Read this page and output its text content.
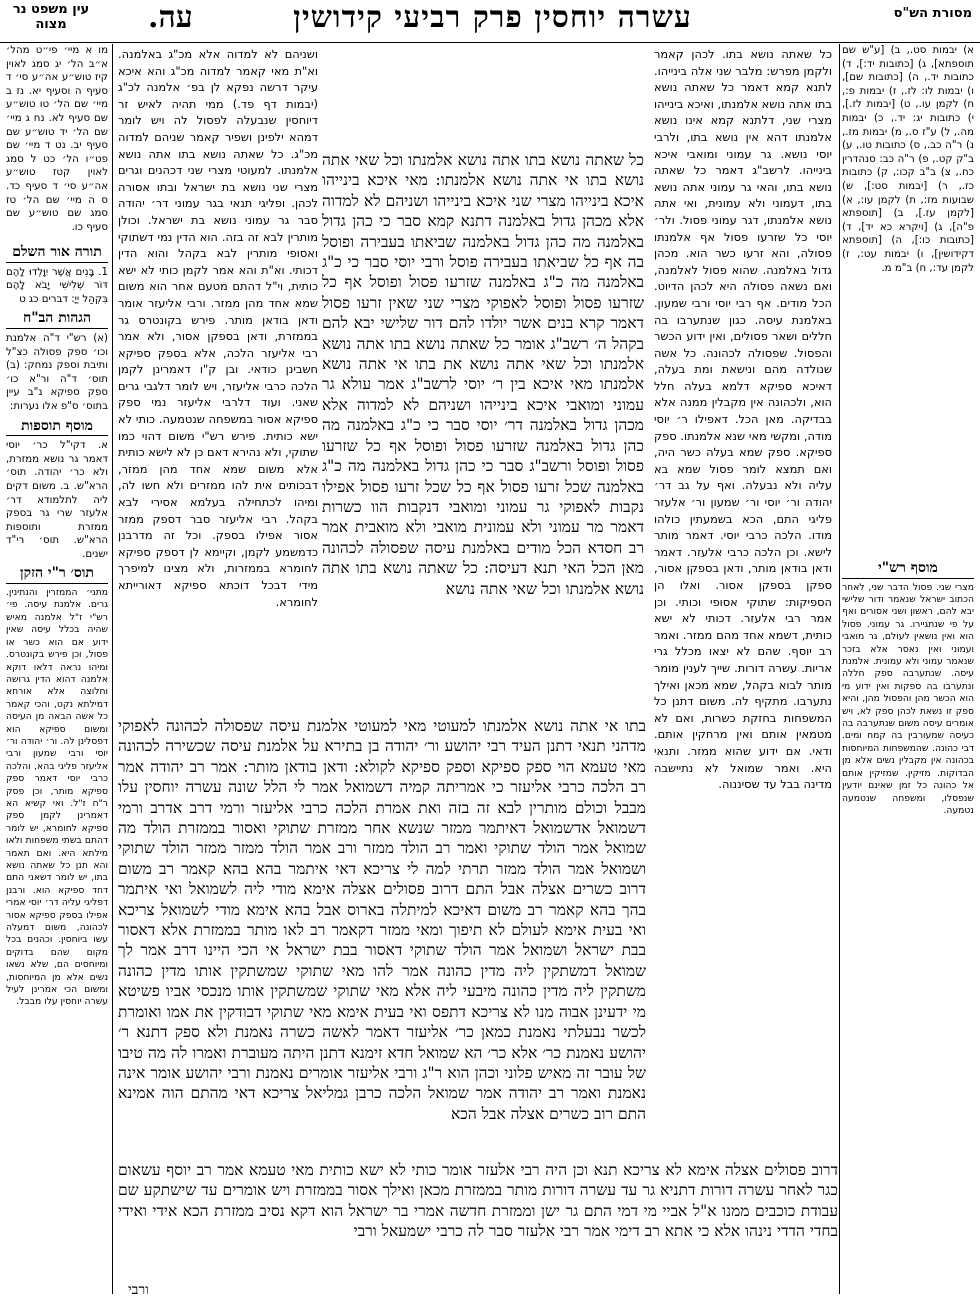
מסורת הש"ס
עשרה יוחסין פרק רביעי קידושין
עה.
עין משפט נר מצוה
א) יבמות סט., ב) [ע"ש שם תוספתא], ג) [כתובות יד:], ד) כתובות יד., ה) [כתובות שם], ו) יבמות לו: לז., ז) יבמות פ:, ח) לקמן עו., ט) [יבמות לז.], י) כתובות יג: יד., כ) יבמות מה., ל) ע"ז ס., מ) יבמות מז., נ) ר"ה כב., ס) כתובות טו., ע) ב"ק קט., פ) ר"ה כב: סנהדרין כח., צ) ב"ב קכו:, ק) כתובות כז., ר) [יבמות סט:], ש) שבועות מז:, ת) לקמן עו:, א) [לקמן עז.], ב) [תוספתא פ"ה], ג) [ויקרא כא יד], ד) [כתובות כו:], ה) [תוספתא דקידושין], ו) יבמות עט:, ז) לקמן עד:, ח) ב"מ מ.
מוסף רש"י
מצרי שני. פסול הדבר שני, לאחר הכתוב ישראל שנאמר ודור שלישי יבא להם, ראשון ושני אסורים ואף על פי שנתגיירו. גר עמוני. פסול הוא ואין נושאין לעולם, גר מואבי ועמוני ואין נאסר אלא בזכר שנאמר עמוני ולא עמונית. אלמנת עיסה. שנתערבה ספק חללה ונתערבו בה ספקות ואין ידוע מי הוא הכשר מהן והפסול מהן, והיא ספק זו נשאת לכהן ספק לא, ויש אומרים עיסה משום שנתערבה בה כעיסה שמעורבין בה קמח ומים. דבי כהונה. שהמשפחות המיוחסות בכהונה אין מקבלין נשים אלא מן הבדוקות. מזיקין. שמזיקין אותם אל כהונה כל זמן שאינם יודעין שנפסלו, ומשפחה שנטמעה נטמעה.
מו א מיי׳ פי״ט מהל׳ א״ב הל׳ יג סמג לאוין קיז טוש״ע אה״ע סי׳ ד סעיף ה וסעיף יא. נז ב מיי׳ שם הל׳ טו טוש״ע שם סעיף לא. נח ג מיי׳ שם הל׳ יד טוש״ע שם סעיף יב. נט ד מיי׳ שם פט״ו הל׳ כט ל סמג לאוין קטז טוש״ע אה״ע סי׳ ד סעיף כד. ס ה מיי׳ שם הל׳ טז סמג שם טוש״ע שם סעיף כו.
תורה אור השלם
1. בָּנִים אֲשֶׁר יִוָּלְדוּ לָהֶם דּוֹר שְׁלִישִׁי יָבֹא לָהֶם בִּקְהַל יְיָ: דברים כג ט
הגהות הב"ח
(א) רש"י ד"ה אלמנת וכו׳ ספק פסולה כצ"ל ותיבת וספק נמחק: (ב) תוס׳ ד"ה ור"א כו׳ ספק ספיקא נ"ב עיין בתוס׳ ס"פ אלו נערות:
מוסף תוספות
א. דקי"ל כר׳ יוסי דאמר גר נושא ממזרת, ולא כר׳ יהודה. תוס׳ הרא"ש. ב. משום דקים ליה לתלמודא דר׳ אלעזר שרי גר בספק ממזרת ותוספות הרא"ש. תוס׳ רי"ד ישנים.
תוס׳ ר"י הזקן
מתני׳ הממזרין והנתינין. גרים. אלמנת עיסה. פי׳ רש"י ז"ל אלמנה מאיש שהיה בכלל עיסה שאין ידוע אם הוא כשר או פסול, וכן פירש בקונטרס. ומיהו נראה דלאו דוקא אלמנה דהוא הדין גרושה וחלוצה אלא אורחא דמילתא נקט, והכי קאמר כל אשה הבאה מן העיסה ומשום ספיקא הוא דפסלינן לה. ור׳ יהודה ור׳ יוסי ורבי שמעון ורבי אליעזר פליגי בהא, והלכה כרבי יוסי דאמר ספק ספיקא מותר, וכן פסק ר"ח ז"ל. ואי קשיא הא דאמרינן לקמן ספק ספיקא לחומרא, יש לומר דהתם בשתי משפחות ולאו מילתא היא. ואם תאמר והא תנן כל שאתה נושא בתו, יש לומר דשאני התם דחד ספיקא הוא. ורבנן דפליגי עליה דר׳ יוסי אמרי אפילו בספק ספיקא אסור לכהונה, משום דמעלה עשו ביוחסין. וכהנים בכל מקום שהם בדוקים ומיוחסים הם, שלא נשאו נשים אלא מן המיוחסות, ומשום הכי אמרינן לעיל עשרה יוחסין עלו מבבל.
כל שאתה נושא בתו. לכהן קאמר ולקמן מפרש: מלבר שני אלה בינייהו. לתנא קמא דאמר כל שאתה נושא בתו אתה נושא אלמנתו, ואיכא בינייהו מצרי שני, דלתנא קמא אינו נושא אלמנתו דהא אין נושא בתו, ולרבי יוסי נושא. גר עמוני ומואבי איכא בינייהו. לרשב"ג דאמר כל שאתה נושא בתו, והאי גר עמוני אתה נושא בתו, דעמוני ולא עמונית, ואי אתה נושא אלמנתו, דגר עמוני פסול. ולר׳ יוסי כל שזרעו פסול אף אלמנתו פסולה, והא זרעו כשר הוא. מכהן גדול באלמנה. שהוא פסול לאלמנה, ואם נשאה פסולה היא לכהן הדיוט. הכל מודים. אף רבי יוסי ורבי שמעון. באלמנת עיסה. כגון שנתערבו בה חללים ושאר פסולים, ואין ידוע הכשר והפסול. שפסולה לכהונה. כל אשה שנולדה מהם ונישאת ומת בעלה, דאיכא ספיקא דלמא בעלה חלל הוא, ולכהונה אין מקבלין ממנה אלא בבדיקה. מאן הכל. דאפילו ר׳ יוסי מודה, ומקשי מאי שנא אלמנתו. ספק ספיקא. ספק שמא בעלה כשר היה, ואם תמצא לומר פסול שמא בא עליה ולא נבעלה. ואף על גב דר׳ יהודה ור׳ יוסי ור׳ שמעון ור׳ אלעזר פליגי התם, הכא בשמעתין כולהו מודו. הלכה כרבי יוסי. דאמר מותר לישא. וכן הלכה כרבי אלעזר. דאמר ודאן בודאן מותר, ודאן בספקן אסור, ספקן בספקן אסור. ואלו הן הספיקות: שתוקי אסופי וכותי. וכן אמר רבי אלעזר. דכותי לא ישא כותית, דשמא אחד מהם ממזר. ואמר רב יוסף. שהם לא יצאו מכלל גרי אריות. עשרה דורות. שייך לענין מומר מותר לבוא בקהל, שמא מכאן ואילך נתערבו. מתקיף לה. משום דתנן כל המשפחות בחזקת כשרות, ואם לא מטמאין אותם ואין מרחקין אותם. ודאי. אם ידוע שהוא ממזר. ותנאי היא. ואמר שמואל לא נתיישבה מדינה בבל עד שסיננוה.
ושניהם לא למדוה אלא מכ"ג באלמנה. וא"ת מאי קאמר למדוה מכ"ג והא איכא עיקר דרשה נפקא לן בפ׳ אלמנה לכ"ג (יבמות דף פד.) ממי תהיה לאיש זר דיוחסין שנבעלה לפסול לה ויש לומר דמהא ילפינן ושפיר קאמר שניהם למדוה מכ"ג. כל שאתה נושא בתו אתה נושא אלמנתו. למעוטי מצרי שני דכהנים וגרים מצרי שני נושא בת ישראל ובתו אסורה לכהן. ופליגי תנאי בגר עמוני דר׳ יהודה סבר גר עמוני נושא בת ישראל. וכולן מותרין לבא זה בזה. הוא הדין נמי דשתוקי ואסופי מותרין לבא בקהל והוא הדין דכותי. וא"ת והא אמר לקמן כותי לא ישא כותית, וי"ל דהתם מטעם אחר הוא משום שמא אחד מהן ממזר. ורבי אליעזר אומר ודאן בודאן מותר. פירש בקונטרס גר בממזרת, ודאן בספקן אסור, ולא אמר רבי אליעזר הלכה, אלא בספק ספיקא חשבינן כודאי. ובן ק"ו דאמרינן לקמן הלכה כרבי אליעזר, ויש לומר דלגבי גרים שאני. ועוד דלרבי אליעזר נמי ספק ספיקא אסור במשפחה שנטמעה. כותי לא ישא כותית. פירש רש"י משום דהוי כמו שתוקי, ולא נהירא דאם כן לא לישא כותית אלא משום שמא אחד מהן ממזר, דבכותים אית להו ממזרים ולא חשו לה, ומיהו לכתחילה בעלמא אסירי לבא בקהל. רבי אליעזר סבר דספק ממזר אסור אפילו בספק. וכל זה מדרבנן כדמשמע לקמן, וקיימא לן דספק ספיקא לחומרא בממזרות, ולא מצינו למיפרך מידי דבכל דוכתא ספיקא דאורייתא לחומרא.
כל שאתה נושא בתו אתה נושא אלמנתו וכל שאי אתה נושא בתו אי אתה נושא אלמנתו: מאי איכא בינייהו איכא בינייהו מצרי שני איכא בינייהו ושניהם לא למדוה אלא מכהן גדול באלמנה דתנא קמא סבר כי כהן גדול באלמנה מה כהן גדול באלמנה שביאתו בעבירה ופוסל בה אף כל שביאתו בעבירה פוסל ורבי יוסי סבר כי כ"ג באלמנה מה כ"ג באלמנה שזרעו פסול ופוסל אף כל שזרעו פסול ופוסל לאפוקי מצרי שני שאין זרעו פסול דאמר קרא בנים אשר יולדו להם דור שלישי יבא להם בקהל ה׳ רשב"ג אומר כל שאתה נושא בתו אתה נושא אלמנתו וכל שאי אתה נושא את בתו אי אתה נושא אלמנתו מאי איכא בין ר׳ יוסי לרשב"ג אמר עולא גר עמוני ומואבי איכא בינייהו ושניהם לא למדוה אלא מכהן גדול באלמנה דר׳ יוסי סבר כי כ"ג באלמנה מה כהן גדול באלמנה שזרעו פסול ופוסל אף כל שזרעו פסול ופוסל ורשב"ג סבר כי כהן גדול באלמנה מה כ"ג באלמנה שכל זרעו פסול אף כל שכל זרעו פסול אפילו נקבות לאפוקי גר עמוני ומואבי דנקבות הוו כשרות דאמר מר עמוני ולא עמונית מואבי ולא מואבית אמר רב חסדא הכל מודים באלמנת עיסה שפסולה לכהונה מאן הכל האי תנא דעיסה: כל שאתה נושא בתו אתה נושא אלמנתו וכל שאי אתה נושא
בתו אי אתה נושא אלמנתו למעוטי מאי למעוטי אלמנת עיסה שפסולה לכהונה לאפוקי מדהני תנאי דתנן העיד רבי יהושע ור׳ יהודה בן בתירא על אלמנת עיסה שכשירה לכהונה מאי טעמא הוי ספק ספיקא וספק ספיקא לקולא: ודאן בודאן מותר: אמר רב יהודה אמר רב הלכה כרבי אליעזר כי אמריתה קמיה דשמואל אמר לי הלל שונה עשרה יוחסין עלו מבבל וכולם מותרין לבא זה בזה ואת אמרת הלכה כרבי אליעזר ורמי דרב אדרב ורמי דשמואל אדשמואל דאיתמר ממזר שנשא אחר ממזרת שתוקי ואסור בממזרת הולד מה שמואל אמר הולד שתוקי ואמר רב הולד ממזר ורב אמר הולד ממזר ממזר הולד שתוקי ושמואל אמר הולד ממזר תרתי למה לי צריכא דאי איתמר בהא בהא קאמר רב משום דרוב כשרים אצלה אבל התם דרוב פסולים אצלה אימא מודי ליה לשמואל ואי איתמר בהך בהא קאמר רב משום דאיכא למיתלה בארוס אבל בהא אימא מודי לשמואל צריכא ואי בעית אימא לעולם לא תיפוך ומאי ממזר דקאמר רב לאו מותר בממזרת אלא דאסור בבת ישראל ושמואל אמר הולד שתוקי דאסור בבת ישראל אי הכי היינו דרב אמר לך שמואל דמשתקין ליה מדין כהונה אמר להו מאי שתוקי שמשתקין אותו מדין כהונה משתקין ליה מדין כהונה מיבעי ליה אלא מאי שתוקי שמשתקין אותו מנכסי אביו פשיטא מי ידעינן אבוה מנו לא צריכא דתפס ואי בעית אימא מאי שתוקי דבודקין את אמו ואומרת לכשר נבעלתי נאמנת כמאן כר׳ אליעזר דאמר לאשה כשרה נאמנת ולא ספק דתנא ר׳ יהושע נאמנת כר׳ אלא כר׳ הא שמואל חדא זימנא דתנן היתה מעוברת ואמרו לה מה טיבו של עובר זה מאיש פלוני וכהן הוא ר"ג ורבי אליעזר אומרים נאמנת ורבי יהושע אומר אינה נאמנת ואמר רב יהודה אמר שמואל הלכה כרבן גמליאל צריכא דאי מהתם הוה אמינא התם רוב כשרים אצלה אבל הכא
דרוב פסולים אצלה אימא לא צריכא תנא וכן היה רבי אלעזר אומר כותי לא ישא כותית מאי טעמא אמר רב יוסף עשאום כגר לאחר עשרה דורות דתניא גר עד עשרה דורות מותר בממזרת מכאן ואילך אסור בממזרת ויש אומרים עד שישתקע שם עבודת כוכבים ממנו א"ל אביי מי דמי התם גר ישן וממזרת חדשה אמרי בר ישראל הוא דקא נסיב ממזרת הכא אידי ואידי בחדי הדדי נינהו אלא כי אתא רב דימי אמר רבי אלעזר סבר לה כרבי ישמעאל ורבי
ורבי
